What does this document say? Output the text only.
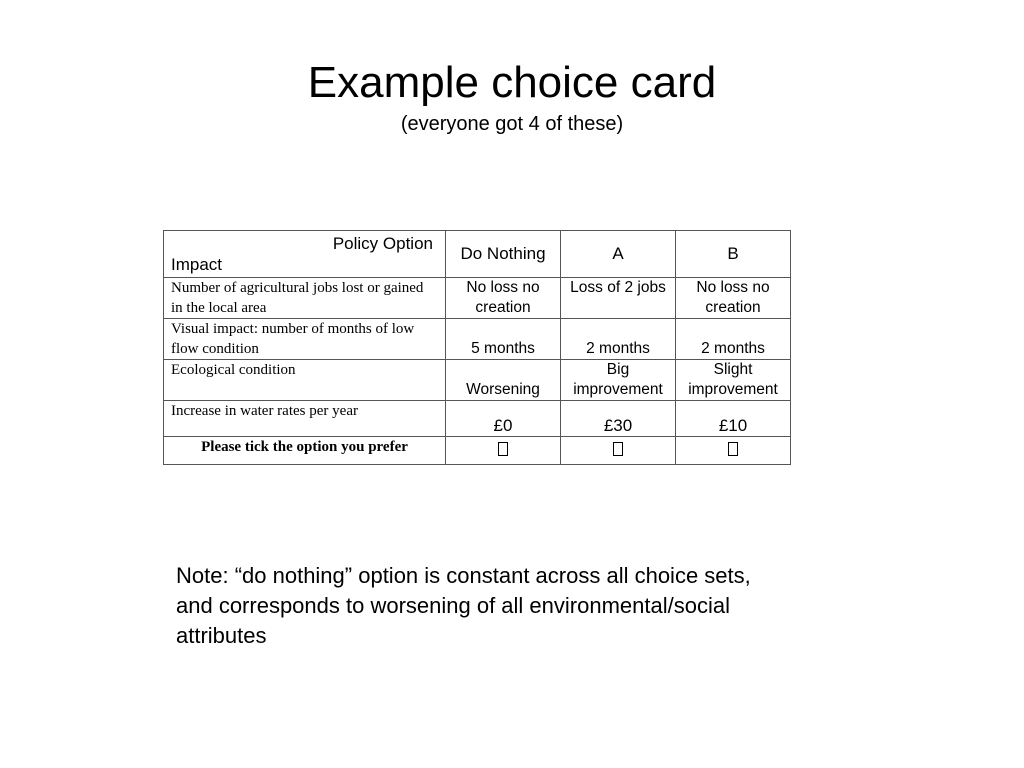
Example choice card
(everyone got 4 of these)
Policy Option
Impact	Do Nothing	A	B
Number of agricultural jobs lost or gained in the local area	No loss no creation	Loss of 2 jobs	No loss no creation
Visual impact: number of months of low flow condition	5 months	2 months	2 months
Ecological condition	Worsening	Big improvement	Slight improvement
Increase in water rates per year	£0	£30	£10
Please tick the option you prefer			
Note: “do nothing” option is constant across all choice sets, and corresponds to worsening of all environmental/social attributes
